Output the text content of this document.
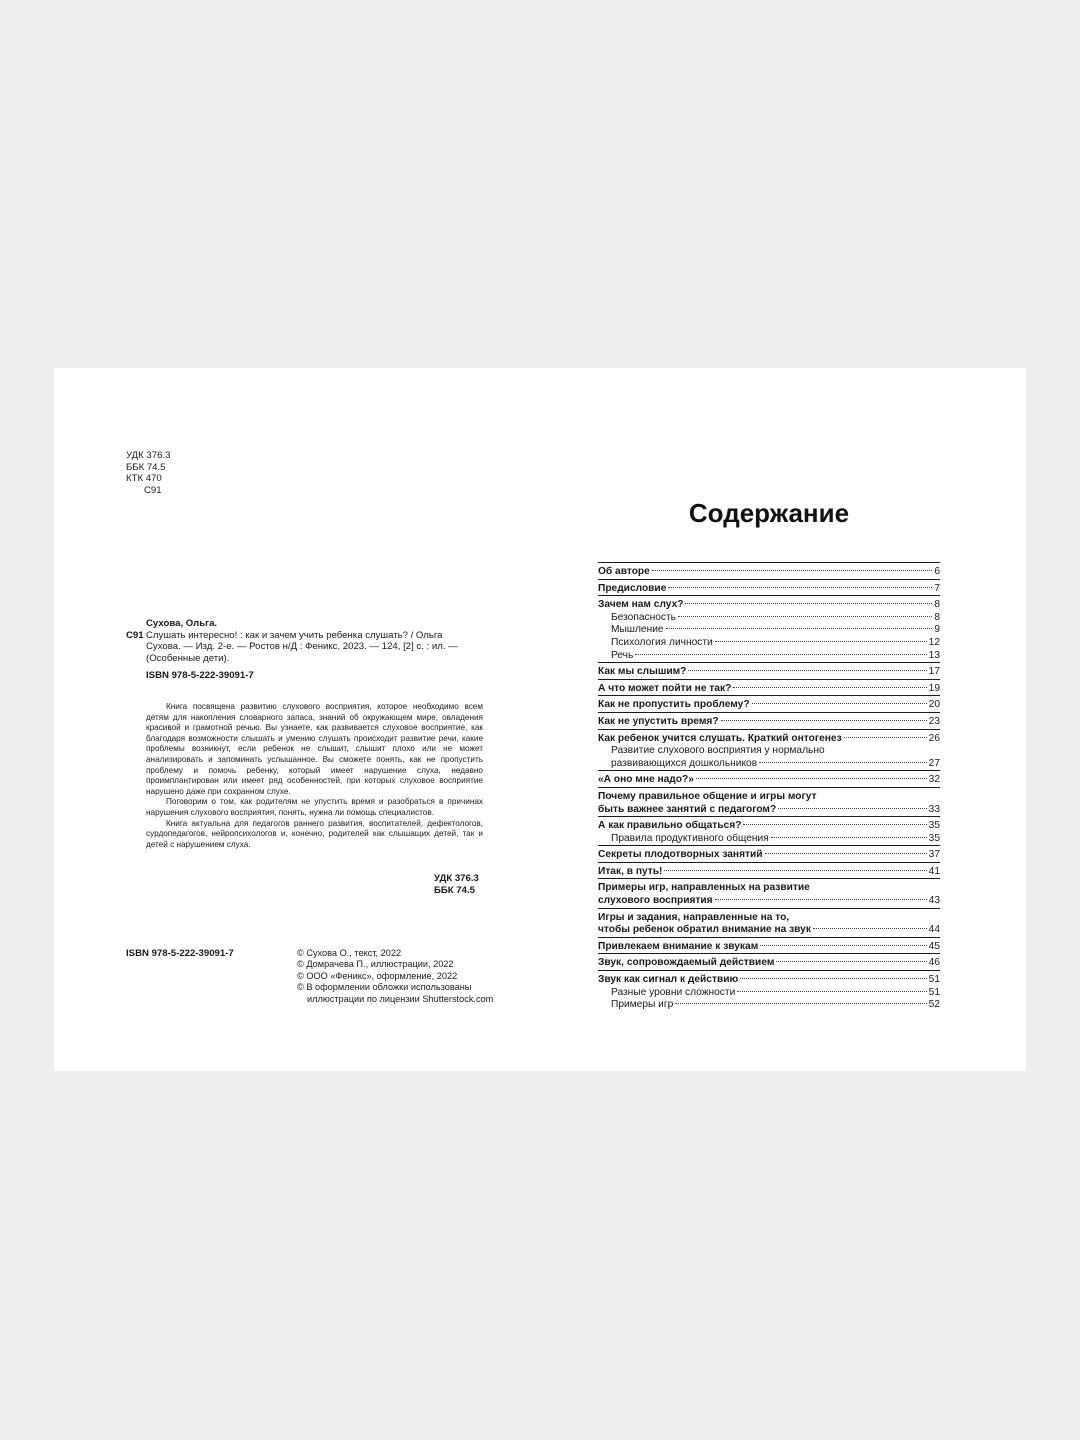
УДК 376.3
ББК 74.5
КТК 470
С91
Сухова, Ольга.
С91 Слушать интересно! : как и зачем учить ребенка слушать? / Ольга
Сухова. — Изд. 2-е. — Ростов н/Д : Феникс, 2023. — 124, [2] с. : ил. —
(Особенные дети).
ISBN 978-5-222-39091-7

Книга посвящена развитию слухового восприятия, которое необходимо всем детям для накопления словарного запаса, знаний об окружающем мире, овладения красивой и грамотной речью. Вы узнаете, как развивается слуховое восприятие, как благодаря возможности слышать и умению слушать происходит развитие речи, какие проблемы возникнут, если ребенок не слышит, слышит плохо или не может анализировать и запоминать услышанное. Вы сможете понять, как не пропустить проблему и помочь ребенку, который имеет нарушение слуха, недавно проимплантирован или имеет ряд особенностей, при которых слуховое восприятие нарушено даже при сохранном слухе.

Поговорим о том, как родителям не упустить время и разобраться в причинах нарушения слухового восприятия, понять, нужна ли помощь специалистов.

Книга актуальна для педагогов раннего развития, воспитателей, дефектологов, сурдопедагогов, нейропсихологов и, конечно, родителей как слышащих детей, так и детей с нарушением слуха.

УДК 376.3
ББК 74.5
ISBN 978-5-222-39091-7	© Сухова О., текст, 2022
© Домрачева П., иллюстрации, 2022
© ООО «Феникс», оформление, 2022
© В оформлении обложки использованы
иллюстрации по лицензии Shutterstock.com
Содержание
Об авторе	6
Предисловие	7
Зачем нам слух?	8
Безопасность	8
Мышление	9
Психология личности	12
Речь	13
Как мы слышим?	17
А что может пойти не так?	19
Как не пропустить проблему?	20
Как не упустить время?	23
Как ребенок учится слушать. Краткий онтогенез	26
Развитие слухового восприятия у нормально
развивающихся дошкольников	27
«А оно мне надо?»	32
Почему правильное общение и игры могут
быть важнее занятий с педагогом?	33
А как правильно общаться?	35
Правила продуктивного общения	35
Секреты плодотворных занятий	37
Итак, в путь!	41
Примеры игр, направленных на развитие
слухового восприятия	43
Игры и задания, направленные на то,
чтобы ребенок обратил внимание на звук	44
Привлекаем внимание к звукам	45
Звук, сопровождаемый действием	46
Звук как сигнал к действию	51
Разные уровни сложности	51
Примеры игр	52
